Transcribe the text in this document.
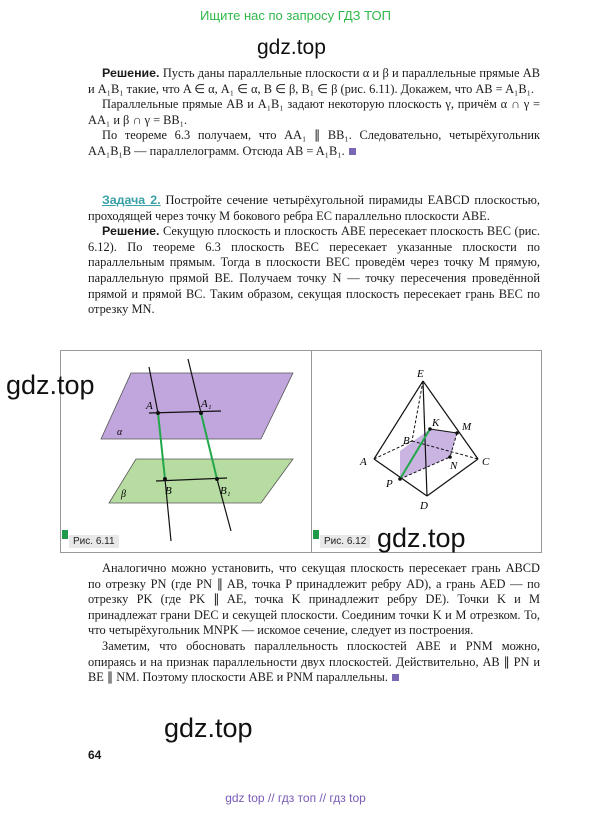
Ищите нас по запросу ГДЗ ТОП
gdz.top

Решение. Пусть даны параллельные плоскости α и β и параллельные прямые AB и A₁B₁ такие, что A ∈ α, A₁ ∈ α, B ∈ β, B₁ ∈ β (рис. 6.11). Докажем, что AB = A₁B₁.

Параллельные прямые AB и A₁B₁ задают некоторую плоскость γ, причём α ∩ γ = AA₁ и β ∩ γ = BB₁.

По теореме 6.3 получаем, что AA₁ ∥ BB₁. Следовательно, четырёхугольник AA₁B₁B — параллелограмм. Отсюда AB = A₁B₁.

Задача 2. Постройте сечение четырёхугольной пирамиды EABCD плоскостью, проходящей через точку M бокового ребра EC параллельно плоскости ABE.

Решение. Секущую плоскость и плоскость ABE пересекает плоскость BEC (рис. 6.12). По теореме 6.3 плоскость BEC пересекает указанные плоскости по параллельным прямым. Тогда в плоскости BEC проведём через точку M прямую, параллельную прямой BE. Получаем точку N — точку пересечения проведённой прямой и прямой BC. Таким образом, секущая плоскость пересекает грань BEC по отрезку MN.

A	A₁
B	B₁
α
β
Рис. 6.11
E
A
B
C
D
K M
N
P
Рис. 6.12
gdz.top
gdz.top

Аналогично можно установить, что секущая плоскость пересекает грань ABCD по отрезку PN (где PN ∥ AB, точка P принадлежит ребру AD), а грань AED — по отрезку PK (где PK ∥ AE, точка K принадлежит ребру DE). Точки K и M принадлежат грани DEC и секущей плоскости. Соединим точки K и M отрезком. То, что четырёхугольник MNPK — искомое сечение, следует из построения.

Заметим, что обосновать параллельность плоскостей ABE и PNM можно, опираясь и на признак параллельности двух плоскостей. Действительно, AB ∥ PN и BE ∥ NM. Поэтому плоскости ABE и PNM параллельны.

gdz.top
64
gdz top // гдз топ // гдз top
